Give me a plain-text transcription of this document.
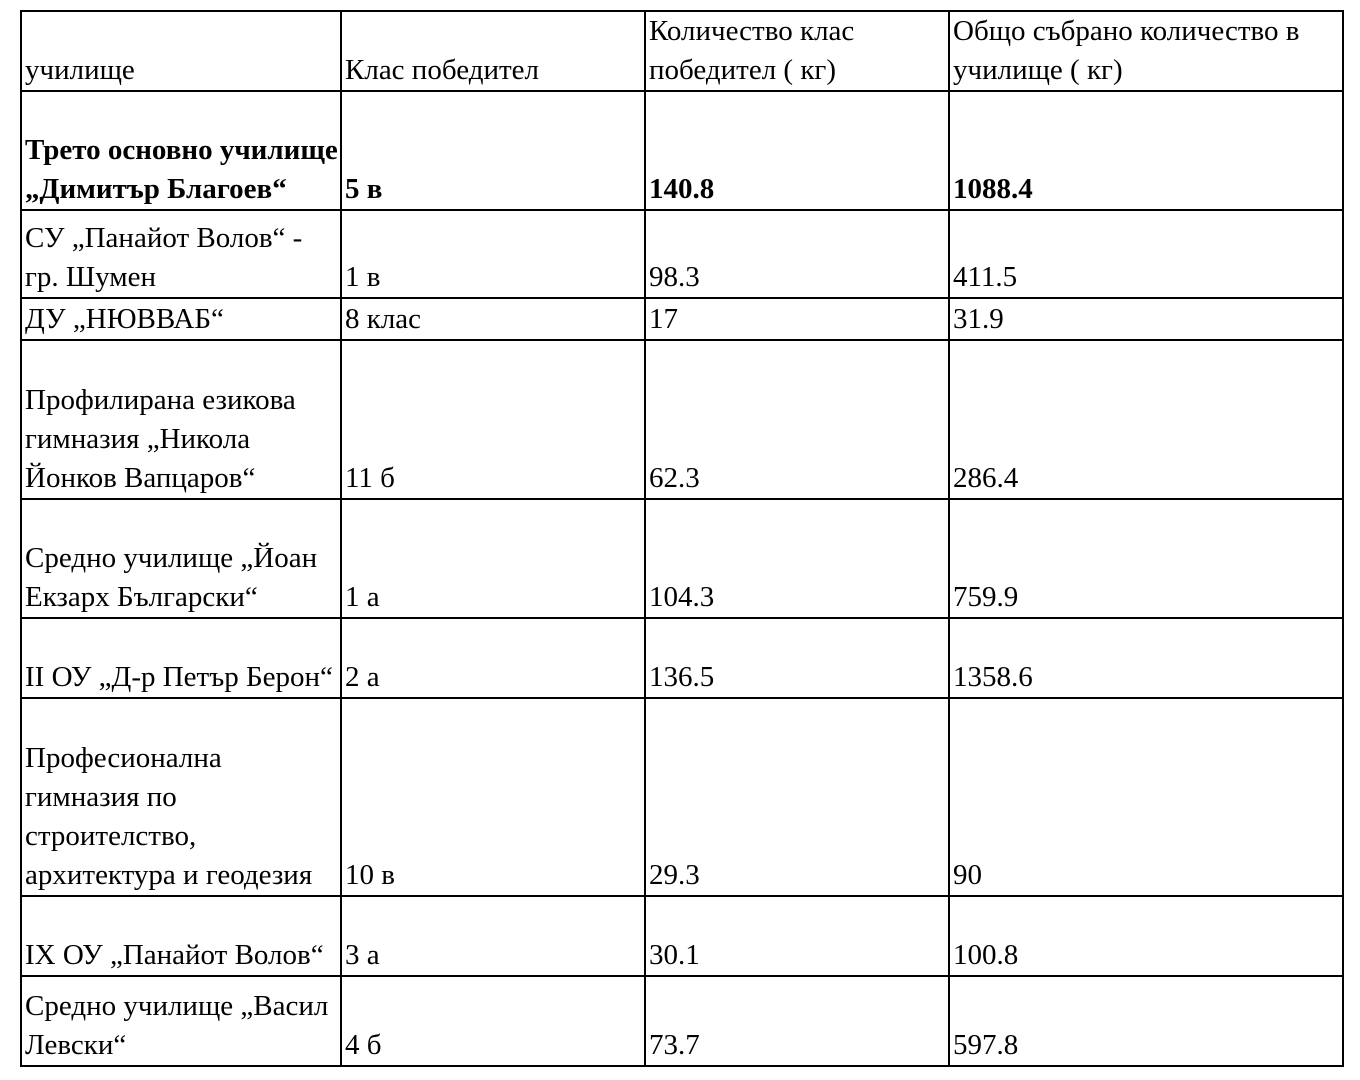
училище	Клас победител	Количество клас победител ( кг)	Общо събрано количество в училище ( кг)
Трето основно училище „Димитър Благоев“	5 в	140.8	1088.4
СУ „Панайот Волов“ - гр. Шумен	1 в	98.3	411.5
ДУ „НЮВВАБ“	8 клас	17	31.9
Профилирана езикова гимназия „Никола Йонков Вапцаров“	11 б	62.3	286.4
Средно училище „Йоан Екзарх Български“	1 а	104.3	759.9
II ОУ „Д-р Петър Берон“	2 а	136.5	1358.6
Професионална гимназия по строителство, архитектура и геодезия	10 в	29.3	90
IX ОУ „Панайот Волов“	3 а	30.1	100.8
Средно училище „Васил Левски“	4 б	73.7	597.8
